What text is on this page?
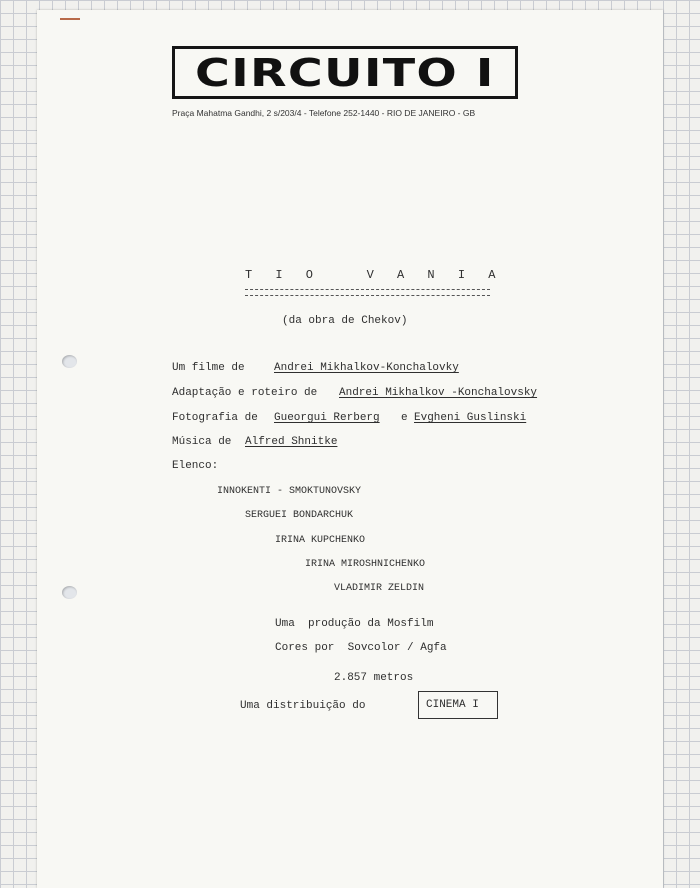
CIRCUITO I
Praça Mahatma Gandhi, 2 s/203/4 - Telefone 252-1440 - RIO DE JANEIRO - GB
T I O   V A N I A
(da obra de Chekov)
Um filme de	Andrei Mikhalkov-Konchalovky
Adaptação e roteiro de Andrei Mikhalkov -Konchalovsky
Fotografia de Gueorgui Rerberg e Evgheni Guslinski
Música de Alfred Shnitke
Elenco:
INNOKENTI - SMOKTUNOVSKY
SERGUEI BONDARCHUK
IRINA KUPCHENKO
IRINA MIROSHNICHENKO
VLADIMIR ZELDIN
Uma  produção da Mosfilm
Cores por  Sovcolor / Agfa
2.857 metros
Uma distribuição do	CINEMA I
